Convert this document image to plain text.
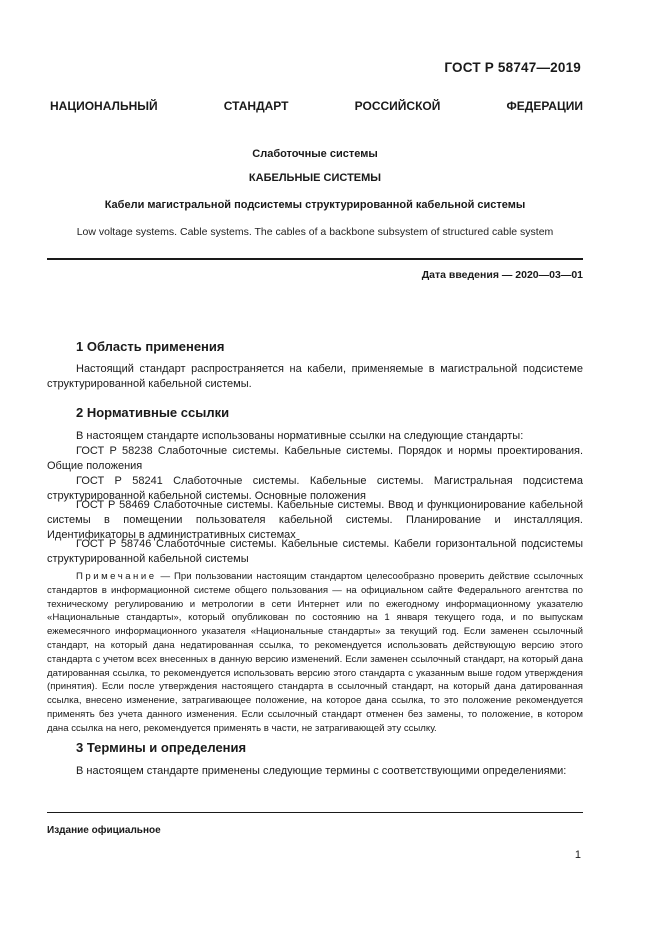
ГОСТ Р 58747—2019
НАЦИОНАЛЬНЫЙ СТАНДАРТ РОССИЙСКОЙ ФЕДЕРАЦИИ
Слаботочные системы
КАБЕЛЬНЫЕ СИСТЕМЫ
Кабели магистральной подсистемы структурированной кабельной системы
Low voltage systems. Cable systems. The cables of a backbone subsystem of structured cable system
Дата введения — 2020—03—01
1 Область применения
Настоящий стандарт распространяется на кабели, применяемые в магистральной подсистеме структурированной кабельной системы.
2 Нормативные ссылки
В настоящем стандарте использованы нормативные ссылки на следующие стандарты:
ГОСТ Р 58238 Слаботочные системы. Кабельные системы. Порядок и нормы проектирования. Общие положения
ГОСТ Р 58241 Слаботочные системы. Кабельные системы. Магистральная подсистема структурированной кабельной системы. Основные положения
ГОСТ Р 58469 Слаботочные системы. Кабельные системы. Ввод и функционирование кабельной системы в помещении пользователя кабельной системы. Планирование и инсталляция. Идентификаторы в административных системах
ГОСТ Р 58746 Слаботочные системы. Кабельные системы. Кабели горизонтальной подсистемы структурированной кабельной системы
Примечание — При пользовании настоящим стандартом целесообразно проверить действие ссылочных стандартов в информационной системе общего пользования — на официальном сайте Федерального агентства по техническому регулированию и метрологии в сети Интернет или по ежегодному информационному указателю «Национальные стандарты», который опубликован по состоянию на 1 января текущего года, и по выпускам ежемесячного информационного указателя «Национальные стандарты» за текущий год. Если заменен ссылочный стандарт, на который дана недатированная ссылка, то рекомендуется использовать действующую версию этого стандарта с учетом всех внесенных в данную версию изменений. Если заменен ссылочный стандарт, на который дана датированная ссылка, то рекомендуется использовать версию этого стандарта с указанным выше годом утверждения (принятия). Если после утверждения настоящего стандарта в ссылочный стандарт, на который дана датированная ссылка, внесено изменение, затрагивающее положение, на которое дана ссылка, то это положение рекомендуется применять без учета данного изменения. Если ссылочный стандарт отменен без замены, то положение, в котором дана ссылка на него, рекомендуется применять в части, не затрагивающей эту ссылку.
3 Термины и определения
В настоящем стандарте применены следующие термины с соответствующими определениями:
Издание официальное
1
